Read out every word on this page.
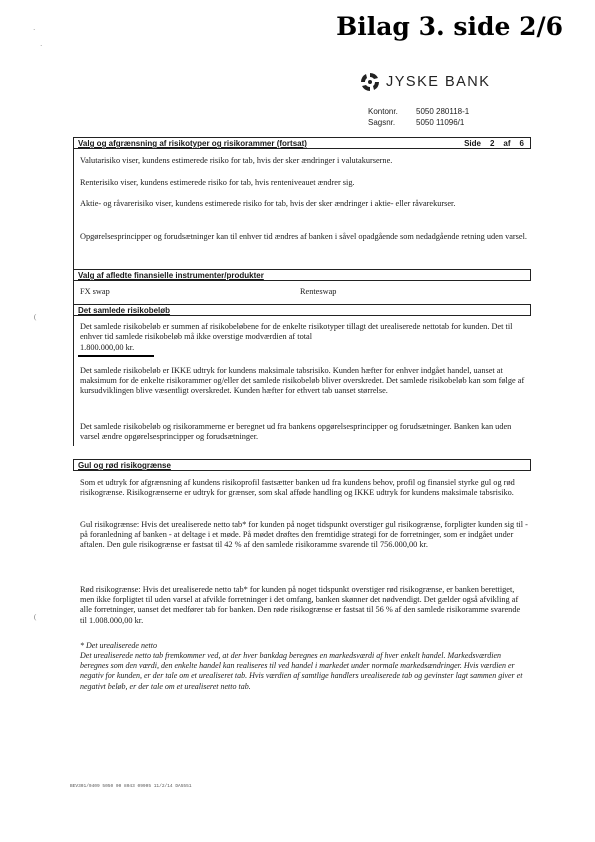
Bilag 3. side 2/6
·
·
(
(
JYSKE BANK
Kontonr. 5050 280118-1
Sagsnr.	5050 11096/1
Valg og afgrænsning af risikotyper og risikorammer (fortsat)	Side 2 af 6

Valutarisiko viser, kundens estimerede risiko for tab, hvis der sker ændringer i valutakurserne.

Renterisiko viser, kundens estimerede risiko for tab, hvis renteniveauet ændrer sig.

Aktie- og råvarerisiko viser, kundens estimerede risiko for tab, hvis der sker ændringer i aktie- eller råvarekurser.

Opgørelsesprincipper og forudsætninger kan til enhver tid ændres af banken i såvel opadgående som nedadgående retning uden varsel.

Valg af afledte finansielle instrumenter/produkter

FX swap	Renteswap

Det samlede risikobeløb

Det samlede risikobeløb er summen af risikobeløbene for de enkelte risikotyper tillagt det urealiserede nettotab for kunden. Det til enhver tid samlede risikobeløb må ikke overstige modværdien af total

1.800.000,00 kr.

Det samlede risikobeløb er IKKE udtryk for kundens maksimale tabsrisiko. Kunden hæfter for enhver indgået handel, uanset at maksimum for de enkelte risikorammer og/eller det samlede risikobeløb bliver overskredet. Det samlede risikobeløb kan som følge af kursudviklingen blive væsentligt overskredet. Kunden hæfter for ethvert tab uanset størrelse.

Det samlede risikobeløb og risikorammerne er beregnet ud fra bankens opgørelsesprincipper og forudsætninger. Banken kan uden varsel ændre opgørelsesprincipper og forudsætninger.

Gul og rød risikogrænse

Som et udtryk for afgrænsning af kundens risikoprofil fastsætter banken ud fra kundens behov, profil og finansiel styrke gul og rød risikogrænse. Risikogrænserne er udtryk for grænser, som skal afføde handling og IKKE udtryk for kundens maksimale tabsrisiko.

Gul risikogrænse: Hvis det urealiserede netto tab* for kunden på noget tidspunkt overstiger gul risikogrænse, forpligter kunden sig til - på foranledning af banken - at deltage i et møde. På mødet drøftes den fremtidige strategi for de forretninger, som er indgået under aftalen. Den gule risikogrænse er fastsat til 42 % af den samlede risikoramme svarende til 756.000,00 kr.

Rød risikogrænse: Hvis det urealiserede netto tab* for kunden på noget tidspunkt overstiger rød risikogrænse, er banken berettiget, men ikke forpligtet til uden varsel at afvikle forretninger i det omfang, banken skønner det nødvendigt. Det gælder også afvikling af alle forretninger, uanset det medfører tab for banken. Den røde risikogrænse er fastsat til 56 % af den samlede risikoramme svarende til 1.008.000,00 kr.

* Det urealiserede netto

Det urealiserede netto tab fremkommer ved, at der hver bankdag beregnes en markedsværdi af hver enkelt handel. Markedsværdien beregnes som den værdi, den enkelte handel kan realiseres til ved handel i markedet under normale markedsændringer. Hvis værdien er negativ for kunden, er der tale om et urealiseret tab. Hvis værdien af samtlige handlers urealiserede tab og gevinster lagt sammen giver et negativt beløb, er der tale om et urealiseret netto tab.

BEV301/0409 5050 00 8043 09905 11/2/14 DA5551
